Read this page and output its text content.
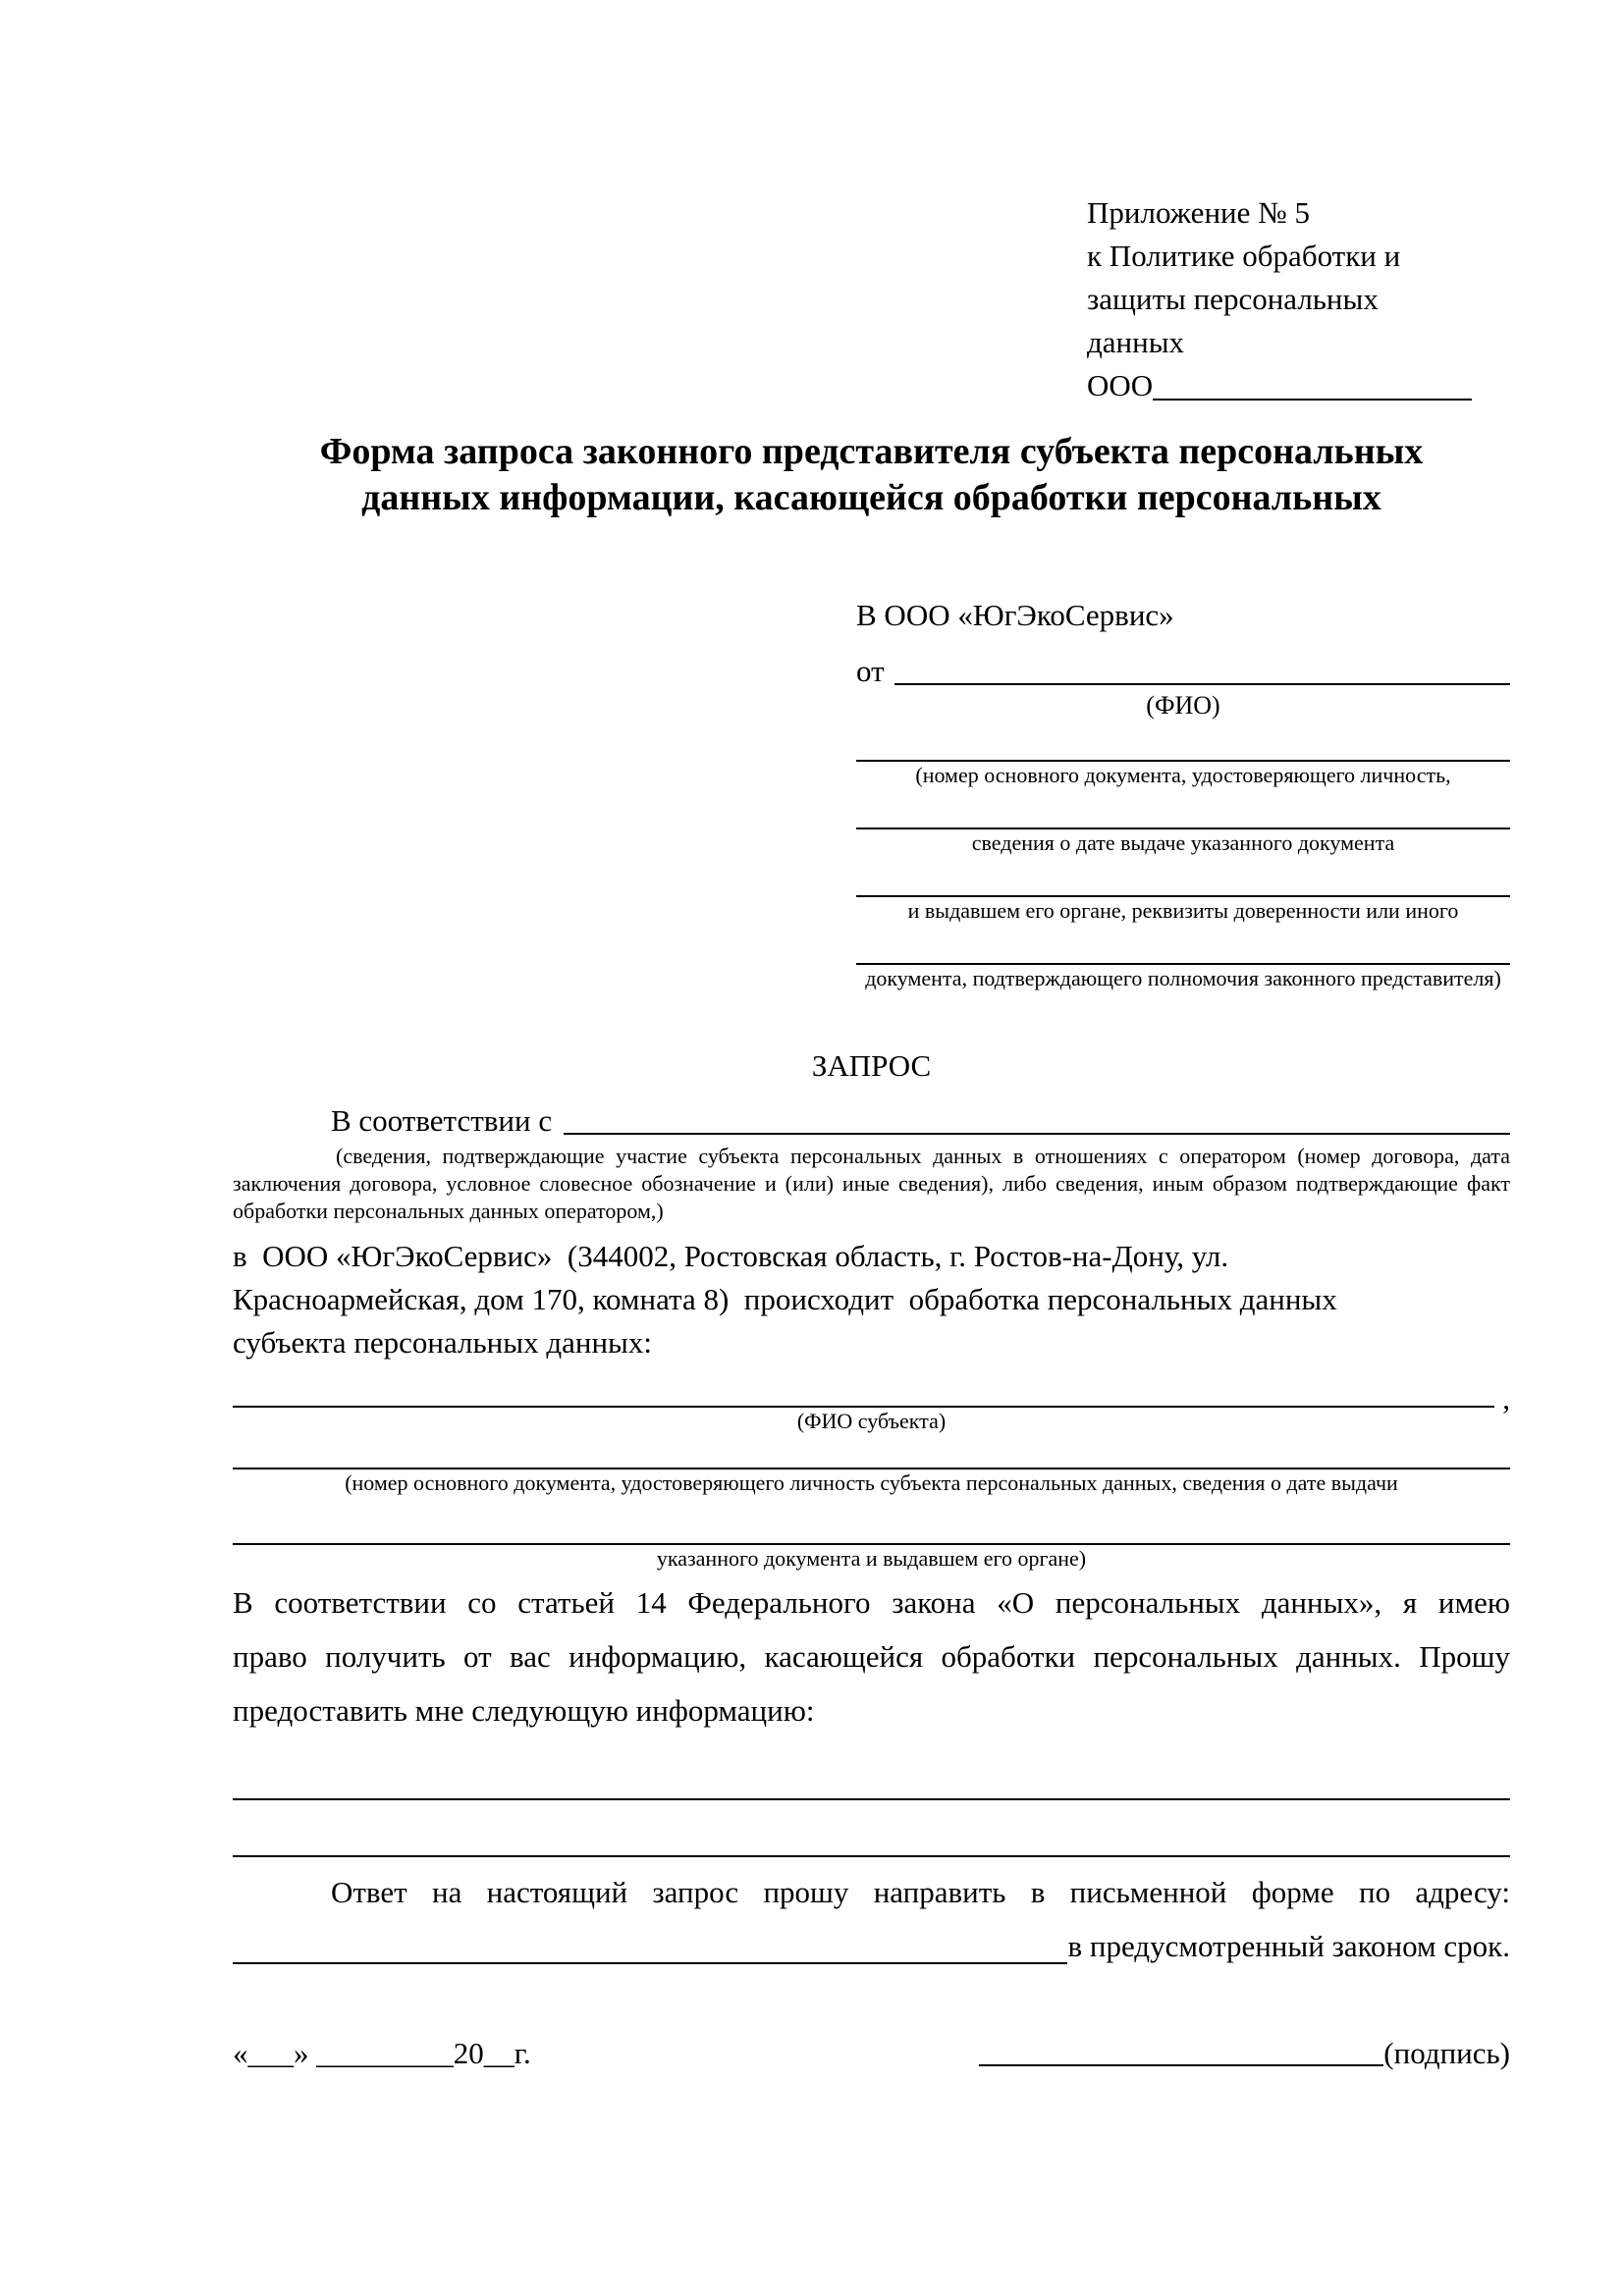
Приложение № 5
к Политике обработки и
защиты персональных данных
ООО
Форма запроса законного представителя субъекта персональных
данных информации, касающейся обработки персональных
В ООО «ЮгЭкоСервис»
от
(ФИО)
(номер основного документа, удостоверяющего личность,
сведения о дате выдаче указанного документа
и выдавшем его органе, реквизиты доверенности или иного
документа, подтверждающего полномочия законного представителя)
ЗАПРОС
В соответствии с
(сведения, подтверждающие участие субъекта персональных данных в отношениях с оператором (номер договора, дата
заключения договора, условное словесное обозначение и (или) иные сведения), либо сведения, иным образом подтверждающие факт
обработки персональных данных оператором,)
в  ООО «ЮгЭкоСервис»  (344002, Ростовская область, г. Ростов-на-Дону, ул.
Красноармейская, дом 170, комната 8)  происходит  обработка персональных данных
субъекта персональных данных:
,
(ФИО субъекта)
(номер основного документа, удостоверяющего личность субъекта персональных данных, сведения о дате выдачи
указанного документа и выдавшем его органе)
В соответствии со статьей 14 Федерального закона «О персональных данных», я имею
право получить от вас информацию, касающейся обработки персональных данных. Прошу
предоставить мне следующую информацию:
Ответ на настоящий запрос прошу направить в письменной форме по адресу:
в предусмотренный законом срок.
«___» _________20__г.	(подпись)
